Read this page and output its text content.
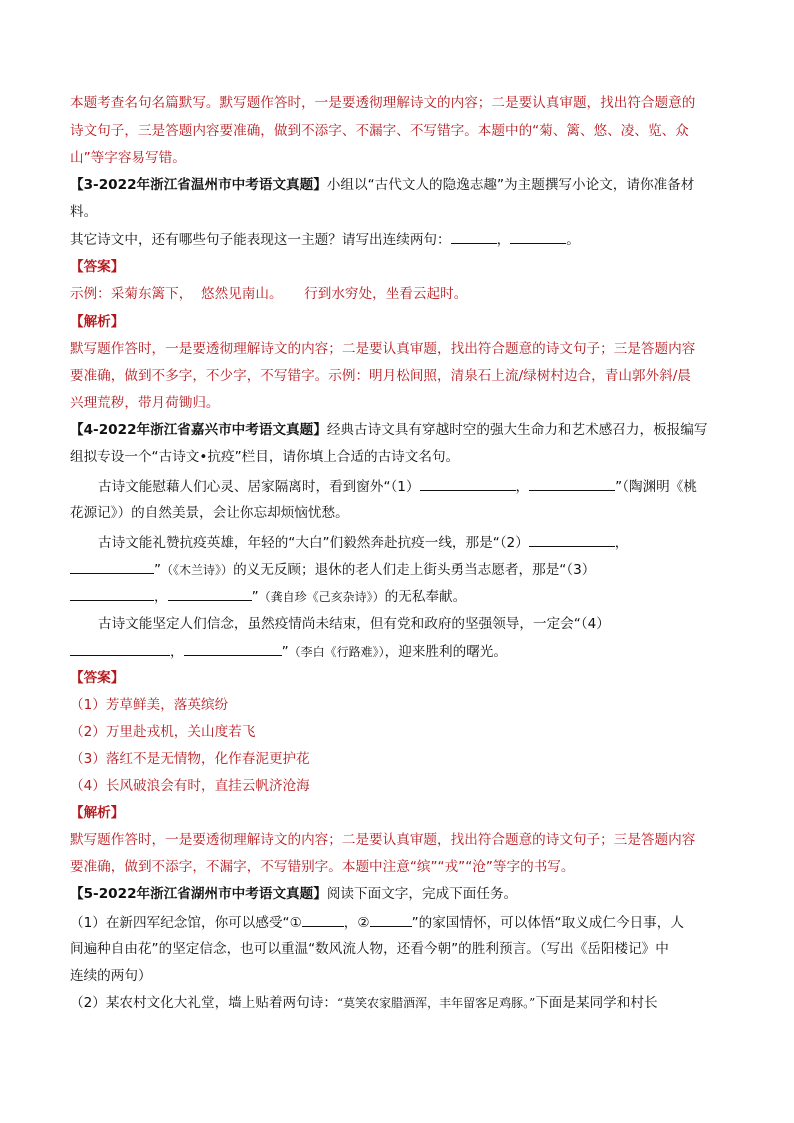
本题考查名句名篇默写。默写题作答时，一是要透彻理解诗文的内容；二是要认真审题，找出符合题意的
诗文句子，三是答题内容要准确，做到不添字、不漏字、不写错字。本题中的“菊、篱、悠、凌、览、众
山”等字容易写错。
【3-2022年浙江省温州市中考语文真题】小组以“古代文人的隐逸志趣”为主题撰写小论文，请你准备材
料。
其它诗文中，还有哪些句子能表现这一主题？请写出连续两句：	，	。
【答案】
示例：采菊东篱下，  悠然见南山。     行到水穷处，坐看云起时。
【解析】
默写题作答时，一是要透彻理解诗文的内容；二是要认真审题，找出符合题意的诗文句子；三是答题内容
要准确，做到不多字，不少字，不写错字。示例：明月松间照，清泉石上流/绿树村边合，青山郭外斜/晨
兴理荒秽，带月荷锄归。
【4-2022年浙江省嘉兴市中考语文真题】经典古诗文具有穿越时空的强大生命力和艺术感召力，板报编写
组拟专设一个“古诗文•抗疫”栏目，请你填上合适的古诗文名句。
古诗文能慰藉人们心灵、居家隔离时，看到窗外“（1）	，	”（陶渊明《桃
花源记》）的自然美景，会让你忘却烦恼忧愁。
古诗文能礼赞抗疫英雄，年轻的“大白”们毅然奔赴抗疫一线，那是“（2）	，
”（《木兰诗》）的义无反顾；退休的老人们走上街头勇当志愿者，那是“（3）
，	”（龚自珍《己亥杂诗》）的无私奉献。
古诗文能坚定人们信念，虽然疫情尚未结束，但有党和政府的坚强领导，一定会“（4）
，	”（李白《行路难》），迎来胜利的曙光。
【答案】
（1）芳草鲜美，落英缤纷
（2）万里赴戎机，关山度若飞
（3）落红不是无情物，化作春泥更护花
（4）长风破浪会有时，直挂云帆济沧海
【解析】
默写题作答时，一是要透彻理解诗文的内容；二是要认真审题，找出符合题意的诗文句子；三是答题内容
要准确，做到不添字，不漏字，不写错别字。本题中注意“缤”“戎”“沧”等字的书写。
【5-2022年浙江省湖州市中考语文真题】阅读下面文字，完成下面任务。
（1）在新四军纪念馆，你可以感受“①	，②	”的家国情怀，可以体悟“取义成仁今日事，人
间遍种自由花”的坚定信念，也可以重温“数风流人物，还看今朝”的胜利预言。（写出《岳阳楼记》中
连续的两句）
（2）某农村文化大礼堂，墙上贴着两句诗：“莫笑农家腊酒浑，丰年留客足鸡豚。”下面是某同学和村长
